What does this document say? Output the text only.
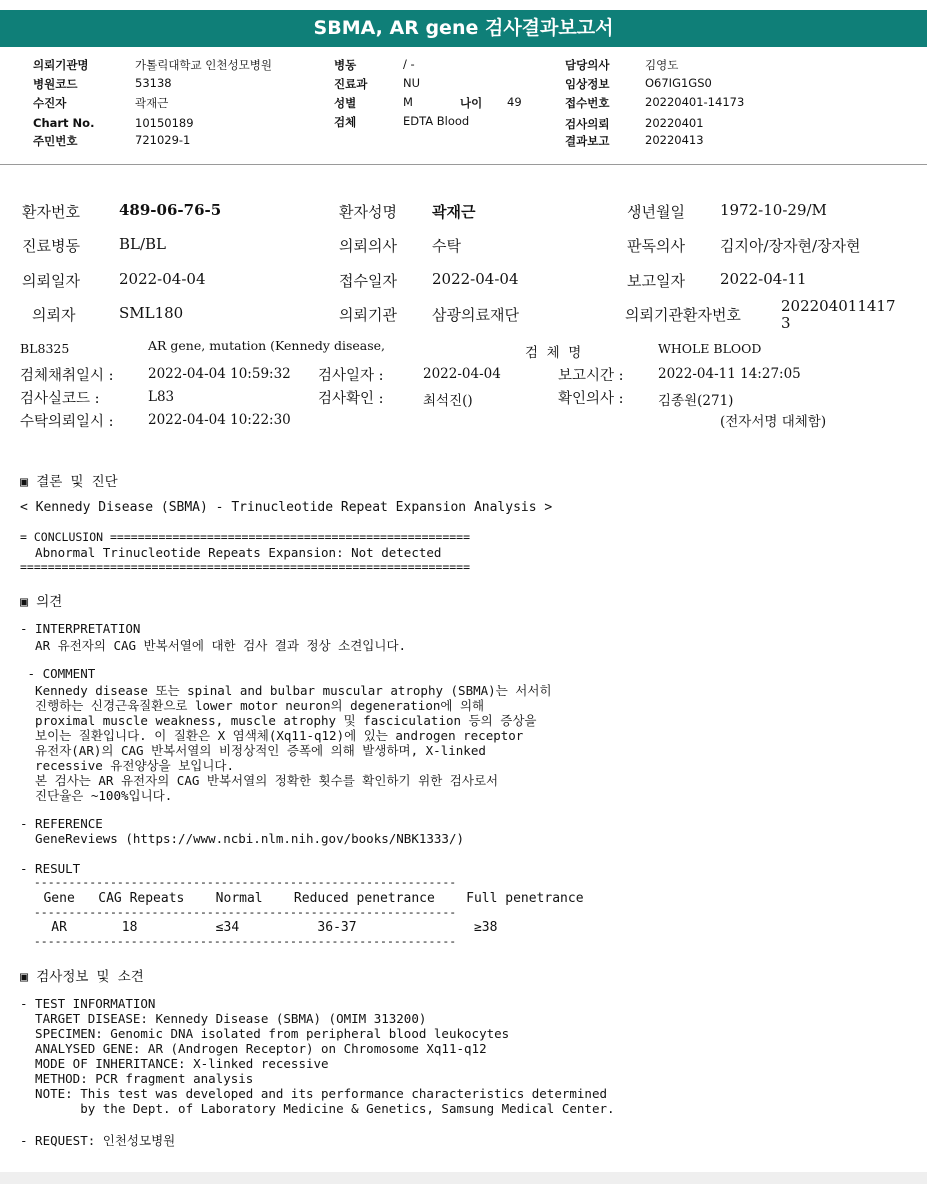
SBMA, AR gene 검사결과보고서
의뢰기관명	가톨릭대학교 인천성모병원
병원코드	53138
수진자	곽재근
Chart No.	10150189
주민번호	721029-1
병동	/ -
진료과	NU
성별	M	나이 49
검체	EDTA Blood
담당의사	김영도
임상정보	O67IG1GS0
접수번호	20220401-14173
검사의뢰	20220401
결과보고	20220413
환자번호	489-06-76-5	환자성명 곽재근	생년월일 1972-10-29/M
진료병동	BL/BL	의뢰의사 수탁	판독의사 김지아/장자현/장자현
의뢰일자	2022-04-04	접수일자 2022-04-04	보고일자 2022-04-11
의뢰자	SML180	의뢰기관 삼광의료재단	의뢰기관환자번호	202204011417
3
BL8325	AR gene, mutation (Kennedy disease,	검  체  명	WHOLE BLOOD
검체채취일시 :	2022-04-04 10:59:32 검사일자 :	2022-04-04	보고시간 :	2022-04-11 14:27:05
검사실코드 :	L83	검사확인 :	최석진()	확인의사 :	김종원(271)
수탁의뢰일시 :	2022-04-04 10:22:30	(전자서명 대체함)
▣ 결론 및 진단
< Kennedy Disease (SBMA) - Trinucleotide Repeat Expansion Analysis >
= CONCLUSION ====================================================
Abnormal Trinucleotide Repeats Expansion: Not detected
=================================================================
▣ 의견
- INTERPRETATION
AR 유전자의 CAG 반복서열에 대한 검사 결과 정상 소견입니다.
- COMMENT
Kennedy disease 또는 spinal and bulbar muscular atrophy (SBMA)는 서서히
진행하는 신경근육질환으로 lower motor neuron의 degeneration에 의해
proximal muscle weakness, muscle atrophy 및 fasciculation 등의 증상을
보이는 질환입니다. 이 질환은 X 염색체(Xq11-q12)에 있는 androgen receptor
유전자(AR)의 CAG 반복서열의 비정상적인 증폭에 의해 발생하며, X-linked
recessive 유전양상을 보입니다.
본 검사는 AR 유전자의 CAG 반복서열의 정확한 횟수를 확인하기 위한 검사로서
진단율은 ~100%입니다.
- REFERENCE
GeneReviews (https://www.ncbi.nlm.nih.gov/books/NBK1333/)
- RESULT
-------------------------------------------------------------
Gene   CAG Repeats    Normal    Reduced penetrance    Full penetrance
-------------------------------------------------------------
AR       18          ≤34          36-37               ≥38
-------------------------------------------------------------
▣ 검사정보 및 소견
- TEST INFORMATION
TARGET DISEASE: Kennedy Disease (SBMA) (OMIM 313200)
SPECIMEN: Genomic DNA isolated from peripheral blood leukocytes
ANALYSED GENE: AR (Androgen Receptor) on Chromosome Xq11-q12
MODE OF INHERITANCE: X-linked recessive
METHOD: PCR fragment analysis
NOTE: This test was developed and its performance characteristics determined
by the Dept. of Laboratory Medicine & Genetics, Samsung Medical Center.
- REQUEST: 인천성모병원
